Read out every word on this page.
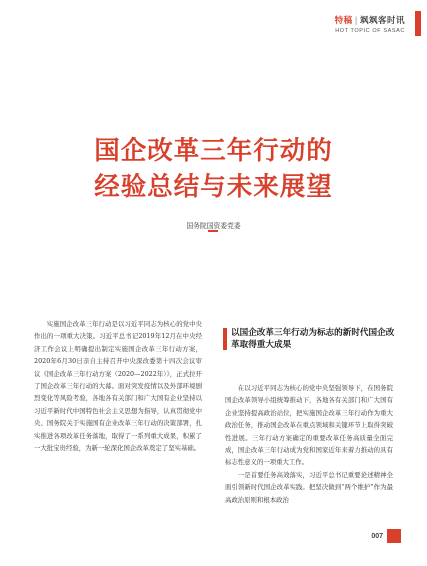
特稿 | 飒飒客时讯
HOT TOPIC OF SASAC
国企改革三年行动的
经验总结与未来展望
国务院国资委党委

实施国企改革三年行动是以习近平同志为核心的党中央作出的一项重大决策。习近平总书记2019年12月在中央经济工作会议上明确提出制定实施国企改革三年行动方案，2020年6月30日亲自主持召开中央深改委第十四次会议审议《国企改革三年行动方案（2020—2022年）》，正式拉开了国企改革三年行动的大幕。面对突发疫情以及外部环境剧烈变化等风险考验，各地各有关部门和广大国有企业坚持以习近平新时代中国特色社会主义思想为指导，认真贯彻党中央、国务院关于实施国有企业改革三年行动的决策部署，扎实推进各项改革任务落地，取得了一系列重大成果，积累了一大批宝贵经验，为新一轮深化国企改革奠定了坚实基础。

以国企改革三年行动为标志的新时代国企改革取得重大成果

在以习近平同志为核心的党中央坚强领导下，在国务院国企改革领导小组统筹推动下，各地各有关部门和广大国有企业坚持提高政治站位，把实施国企改革三年行动作为重大政治任务，推动国企改革在重点领域和关键环节上取得突破性进展。三年行动方案确定的重要改革任务高质量全面完成，国企改革三年行动成为党和国家近年来着力推动的具有标志性意义的一项重大工作。

一是首要任务高效落实，习近平总书记重要论述精神全面引领新时代国企改革实践。把坚决做到“两个维护”作为最高政治原则和根本政治

007
